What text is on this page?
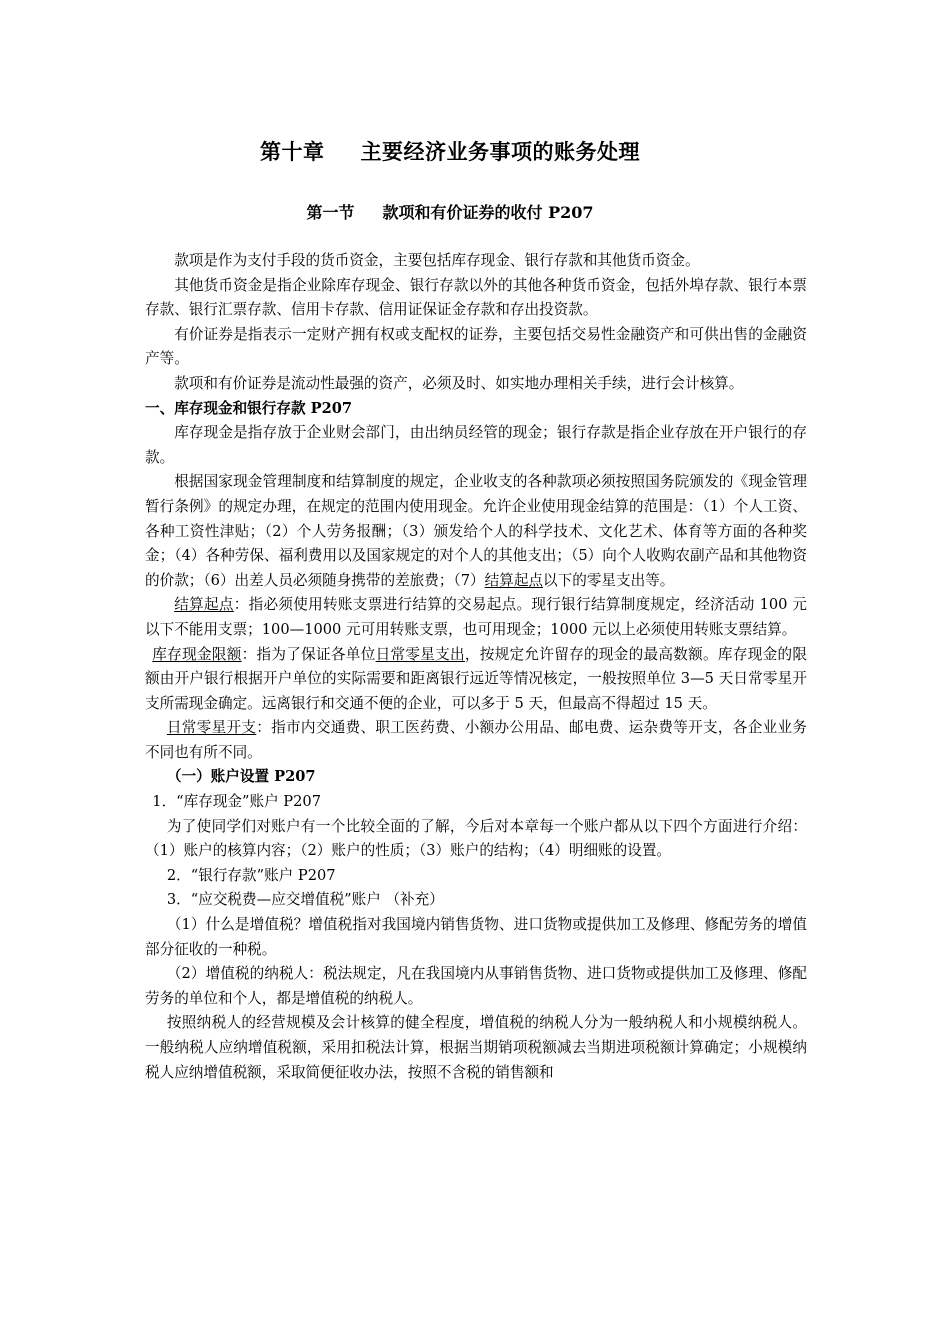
第十章 主要经济业务事项的账务处理
第一节 款项和有价证券的收付 P207

款项是作为支付手段的货币资金，主要包括库存现金、银行存款和其他货币资金。

其他货币资金是指企业除库存现金、银行存款以外的其他各种货币资金，包括外埠存款、银行本票存款、银行汇票存款、信用卡存款、信用证保证金存款和存出投资款。

有价证券是指表示一定财产拥有权或支配权的证券，主要包括交易性金融资产和可供出售的金融资产等。

款项和有价证券是流动性最强的资产，必须及时、如实地办理相关手续，进行会计核算。

一、库存现金和银行存款 P207

库存现金是指存放于企业财会部门，由出纳员经管的现金；银行存款是指企业存放在开户银行的存款。

根据国家现金管理制度和结算制度的规定，企业收支的各种款项必须按照国务院颁发的《现金管理暂行条例》的规定办理，在规定的范围内使用现金。允许企业使用现金结算的范围是：（1）个人工资、各种工资性津贴；（2）个人劳务报酬；（3）颁发给个人的科学技术、文化艺术、体育等方面的各种奖金；（4）各种劳保、福利费用以及国家规定的对个人的其他支出；（5）向个人收购农副产品和其他物资的价款；（6）出差人员必须随身携带的差旅费；（7）结算起点以下的零星支出等。

结算起点：指必须使用转账支票进行结算的交易起点。现行银行结算制度规定，经济活动 100 元以下不能用支票；100—1000 元可用转账支票，也可用现金；1000 元以上必须使用转账支票结算。

库存现金限额：指为了保证各单位日常零星支出，按规定允许留存的现金的最高数额。库存现金的限额由开户银行根据开户单位的实际需要和距离银行远近等情况核定，一般按照单位 3—5 天日常零星开支所需现金确定。远离银行和交通不便的企业，可以多于 5 天，但最高不得超过 15 天。

日常零星开支：指市内交通费、职工医药费、小额办公用品、邮电费、运杂费等开支，各企业业务不同也有所不同。

（一）账户设置 P207

1．“库存现金”账户 P207

为了使同学们对账户有一个比较全面的了解，今后对本章每一个账户都从以下四个方面进行介绍：（1）账户的核算内容；（2）账户的性质；（3）账户的结构；（4）明细账的设置。

2．“银行存款”账户 P207

3．“应交税费—应交增值税”账户 （补充）

（1）什么是增值税？增值税指对我国境内销售货物、进口货物或提供加工及修理、修配劳务的增值部分征收的一种税。

（2）增值税的纳税人：税法规定，凡在我国境内从事销售货物、进口货物或提供加工及修理、修配劳务的单位和个人，都是增值税的纳税人。

按照纳税人的经营规模及会计核算的健全程度，增值税的纳税人分为一般纳税人和小规模纳税人。一般纳税人应纳增值税额，采用扣税法计算，根据当期销项税额减去当期进项税额计算确定；小规模纳税人应纳增值税额，采取简便征收办法，按照不含税的销售额和
